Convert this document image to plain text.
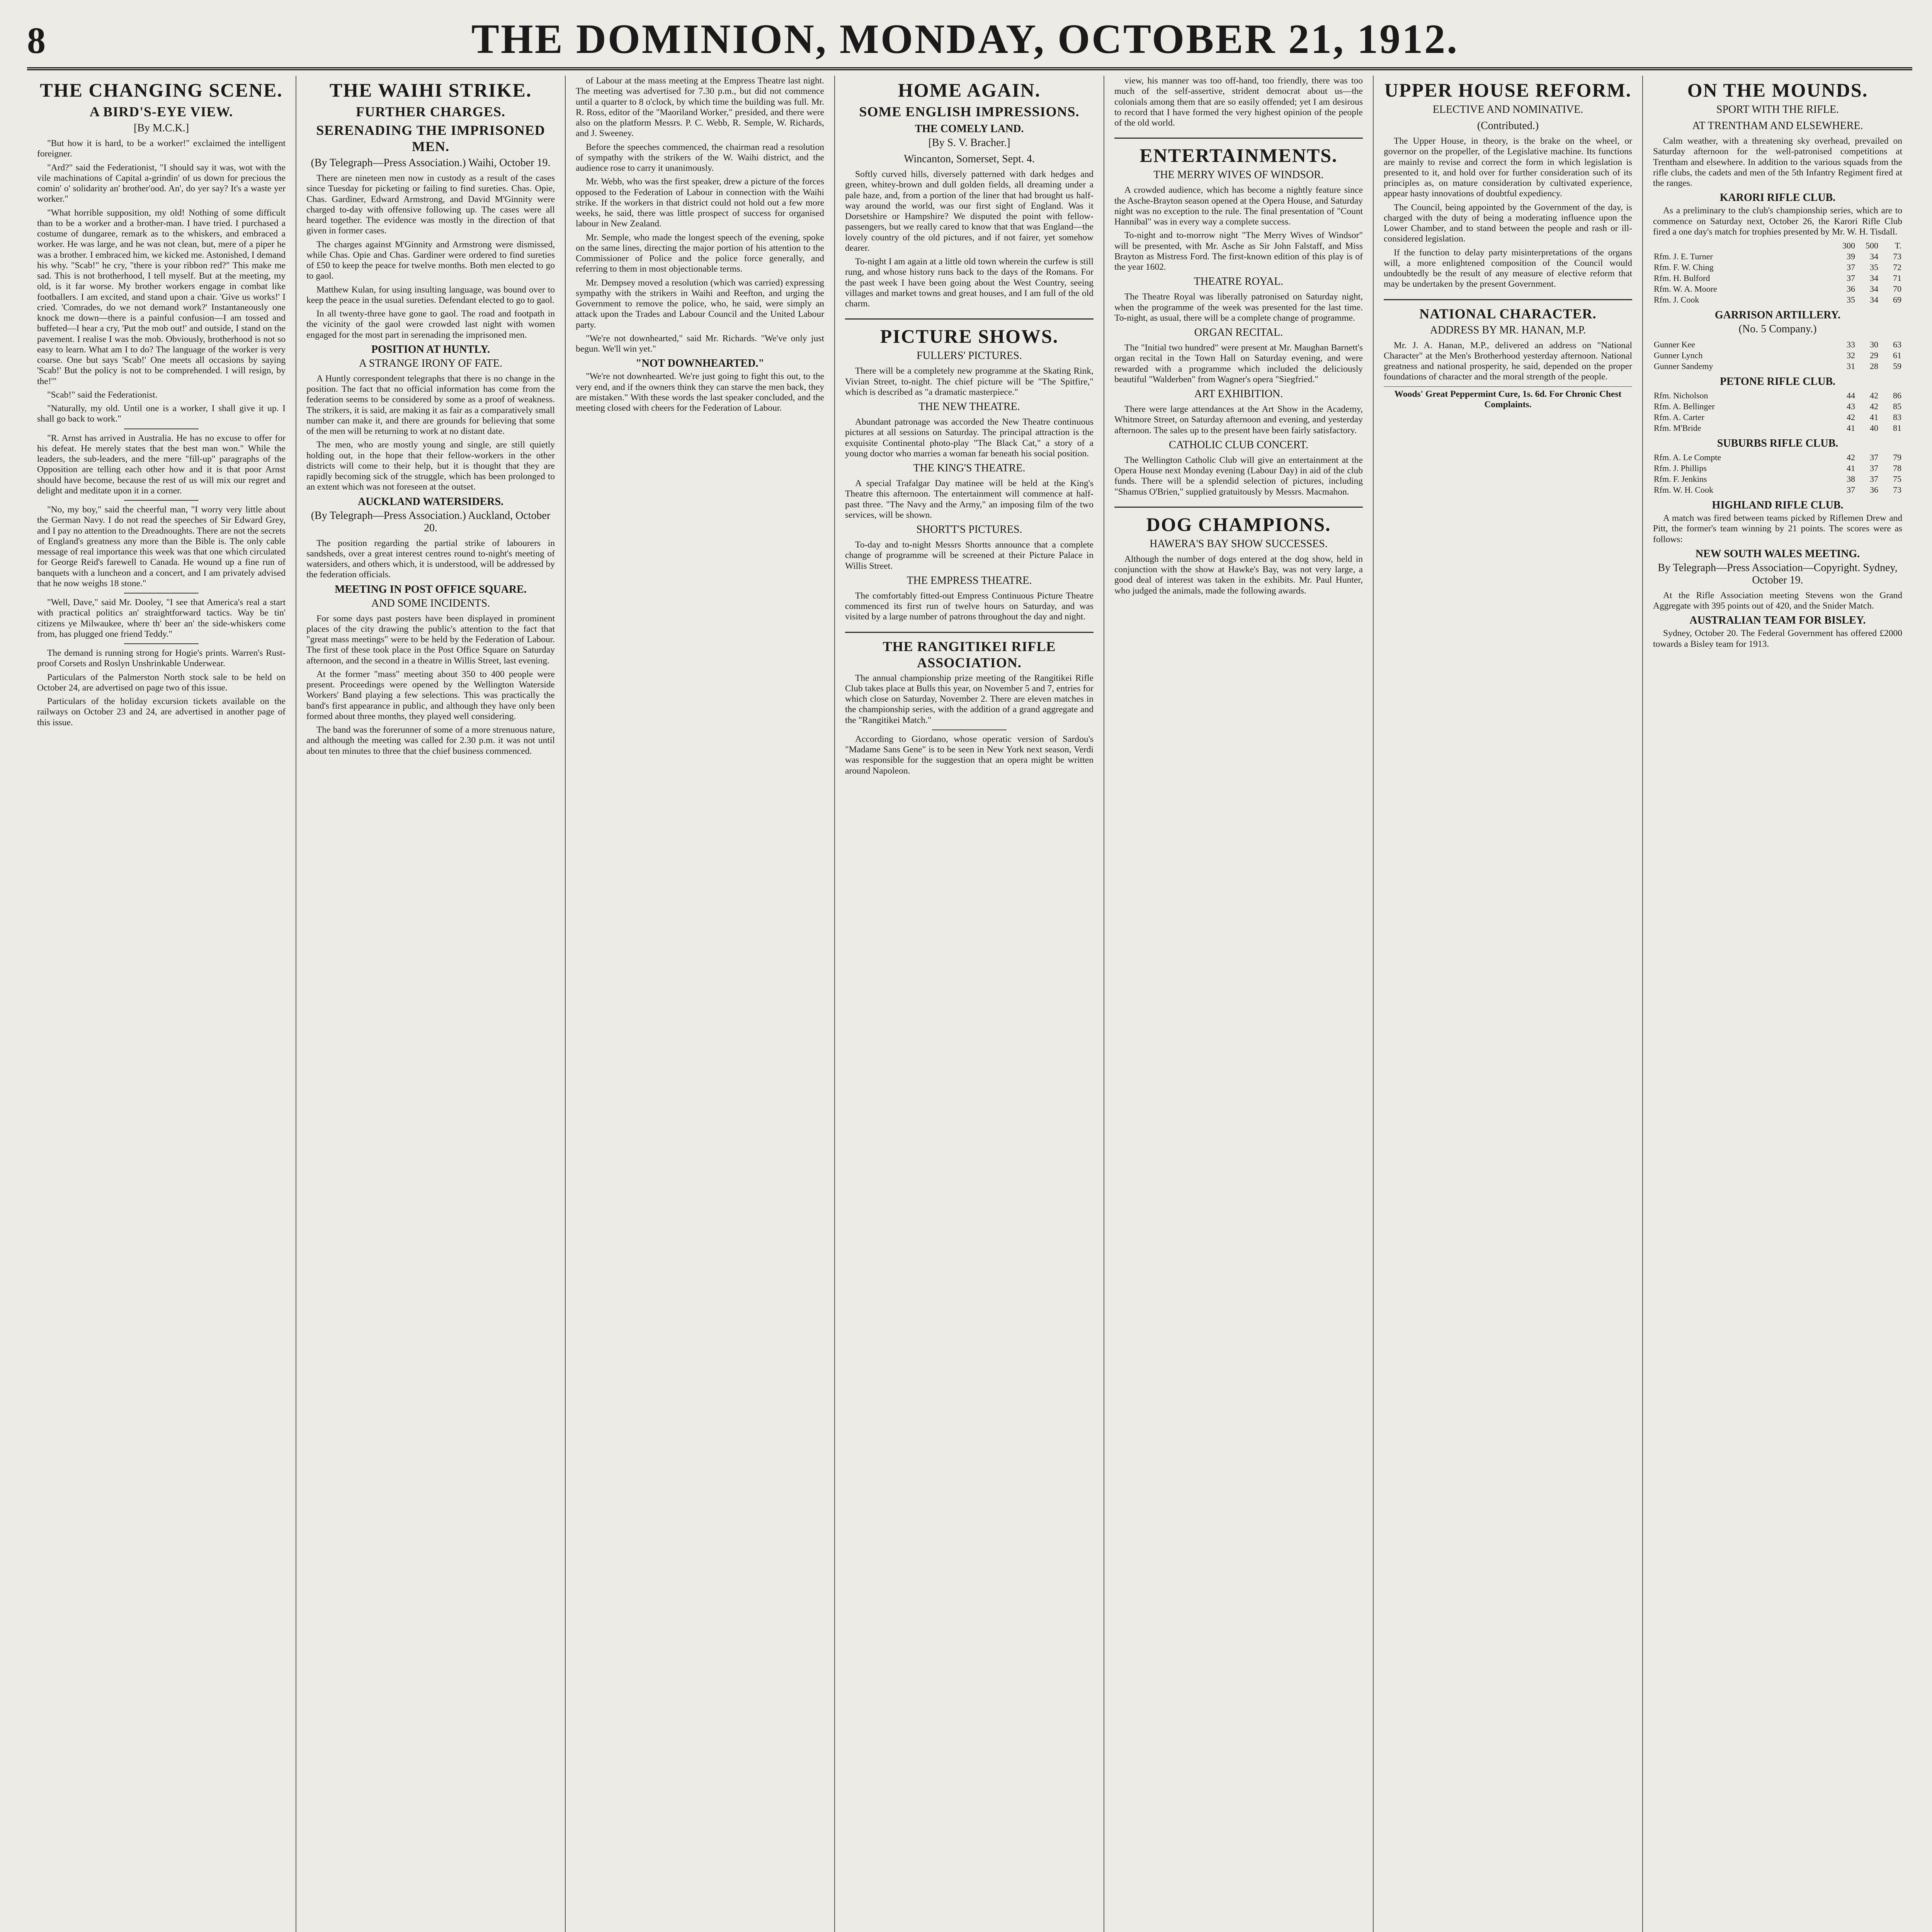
8	THE DOMINION, MONDAY, OCTOBER 21, 1912.
THE CHANGING SCENE.
A BIRD'S-EYE VIEW.
[By M.C.K.]

"But how it is hard, to be a worker!" exclaimed the intelligent foreigner.

"Ard?" said the Federationist, "I should say it was, wot with the vile machinations of Capital a-grindin' of us down for precious the comin' o' solidarity an' brother'ood. An', do yer say? It's a waste yer worker."

"What horrible supposition, my old! Nothing of some difficult than to be a worker and a brother-man. I have tried. I purchased a costume of dungaree, remark as to the whiskers, and embraced a worker. He was large, and he was not clean, but, mere of a piper he was a brother. I embraced him, we kicked me. Astonished, I demand his why. "Scab!" he cry, "there is your ribbon red?" This make me sad. This is not brotherhood, I tell myself. But at the meeting, my old, is it far worse. My brother workers engage in combat like footballers. I am excited, and stand upon a chair. 'Give us works!' I cried. 'Comrades, do we not demand work?' Instantaneously one knock me down—there is a painful confusion—I am tossed and buffeted—I hear a cry, 'Put the mob out!' and outside, I stand on the pavement. I realise I was the mob. Obviously, brotherhood is not so easy to learn. What am I to do? The language of the worker is very coarse. One but says 'Scab!' One meets all occasions by saying 'Scab!' But the policy is not to be comprehended. I will resign, by the!'"

"Scab!" said the Federationist.

"Naturally, my old. Until one is a worker, I shall give it up. I shall go back to work."

"R. Arnst has arrived in Australia. He has no excuse to offer for his defeat. He merely states that the best man won." While the leaders, the sub-leaders, and the mere "fill-up" paragraphs of the Opposition are telling each other how and it is that poor Arnst should have become, because the rest of us will mix our regret and delight and meditate upon it in a corner.

"No, my boy," said the cheerful man, "I worry very little about the German Navy. I do not read the speeches of Sir Edward Grey, and I pay no attention to the Dreadnoughts. There are not the secrets of England's greatness any more than the Bible is. The only cable message of real importance this week was that one which circulated for George Reid's farewell to Canada. He wound up a fine run of banquets with a luncheon and a concert, and I am privately advised that he now weighs 18 stone."

"Well, Dave," said Mr. Dooley, "I see that America's real a start with practical politics an' straightforward tactics. Way be tin' citizens ye Milwaukee, where th' beer an' the side-whiskers come from, has plugged one friend Teddy."

The demand is running strong for Hogie's prints. Warren's Rust-proof Corsets and Roslyn Unshrinkable Underwear.

Particulars of the Palmerston North stock sale to be held on October 24, are advertised on page two of this issue.

Particulars of the holiday excursion tickets available on the railways on October 23 and 24, are advertised in another page of this issue.

THE WAIHI STRIKE.
FURTHER CHARGES.
SERENADING THE IMPRISONED MEN.
(By Telegraph—Press Association.) Waihi, October 19.

There are nineteen men now in custody as a result of the cases since Tuesday for picketing or failing to find sureties. Chas. Opie, Chas. Gardiner, Edward Armstrong, and David M'Ginnity were charged to-day with offensive following up. The cases were all heard together. The evidence was mostly in the direction of that given in former cases.

The charges against M'Ginnity and Armstrong were dismissed, while Chas. Opie and Chas. Gardiner were ordered to find sureties of £50 to keep the peace for twelve months. Both men elected to go to gaol.

Matthew Kulan, for using insulting language, was bound over to keep the peace in the usual sureties. Defendant elected to go to gaol.

In all twenty-three have gone to gaol. The road and footpath in the vicinity of the gaol were crowded last night with women engaged for the most part in serenading the imprisoned men.

POSITION AT HUNTLY.
A STRANGE IRONY OF FATE.

A Huntly correspondent telegraphs that there is no change in the position. The fact that no official information has come from the federation seems to be considered by some as a proof of weakness. The strikers, it is said, are making it as fair as a comparatively small number can make it, and there are grounds for believing that some of the men will be returning to work at no distant date.

The men, who are mostly young and single, are still quietly holding out, in the hope that their fellow-workers in the other districts will come to their help, but it is thought that they are rapidly becoming sick of the struggle, which has been prolonged to an extent which was not foreseen at the outset.

AUCKLAND WATERSIDERS.
(By Telegraph—Press Association.) Auckland, October 20.

The position regarding the partial strike of labourers in sandsheds, over a great interest centres round to-night's meeting of watersiders, and others which, it is understood, will be addressed by the federation officials.

MEETING IN POST OFFICE SQUARE.
AND SOME INCIDENTS.

For some days past posters have been displayed in prominent places of the city drawing the public's attention to the fact that "great mass meetings" were to be held by the Federation of Labour. The first of these took place in the Post Office Square on Saturday afternoon, and the second in a theatre in Willis Street, last evening.

At the former "mass" meeting about 350 to 400 people were present. Proceedings were opened by the Wellington Waterside Workers' Band playing a few selections. This was practically the band's first appearance in public, and although they have only been formed about three months, they played well considering.

The band was the forerunner of some of a more strenuous nature, and although the meeting was called for 2.30 p.m. it was not until about ten minutes to three that the chief business commenced.

of Labour at the mass meeting at the Empress Theatre last night. The meeting was advertised for 7.30 p.m., but did not commence until a quarter to 8 o'clock, by which time the building was full. Mr. R. Ross, editor of the "Maoriland Worker," presided, and there were also on the platform Messrs. P. C. Webb, R. Semple, W. Richards, and J. Sweeney.

Before the speeches commenced, the chairman read a resolution of sympathy with the strikers of the W. Waihi district, and the audience rose to carry it unanimously.

Mr. Webb, who was the first speaker, drew a picture of the forces opposed to the Federation of Labour in connection with the Waihi strike. If the workers in that district could not hold out a few more weeks, he said, there was little prospect of success for organised labour in New Zealand.

Mr. Semple, who made the longest speech of the evening, spoke on the same lines, directing the major portion of his attention to the Commissioner of Police and the police force generally, and referring to them in most objectionable terms.

Mr. Dempsey moved a resolution (which was carried) expressing sympathy with the strikers in Waihi and Reefton, and urging the Government to remove the police, who, he said, were simply an attack upon the Trades and Labour Council and the United Labour party.

"We're not downhearted," said Mr. Richards. "We've only just begun. We'll win yet."

"NOT DOWNHEARTED."

"We're not downhearted. We're just going to fight this out, to the very end, and if the owners think they can starve the men back, they are mistaken." With these words the last speaker concluded, and the meeting closed with cheers for the Federation of Labour.

HOME AGAIN.
SOME ENGLISH IMPRESSIONS.
THE COMELY LAND.
[By S. V. Bracher.]
Wincanton, Somerset, Sept. 4.

Softly curved hills, diversely patterned with dark hedges and green, whitey-brown and dull golden fields, all dreaming under a pale haze, and, from a portion of the liner that had brought us half-way around the world, was our first sight of England. Was it Dorsetshire or Hampshire? We disputed the point with fellow-passengers, but we really cared to know that that was England—the lovely country of the old pictures, and if not fairer, yet somehow dearer.

To-night I am again at a little old town wherein the curfew is still rung, and whose history runs back to the days of the Romans. For the past week I have been going about the West Country, seeing villages and market towns and great houses, and I am full of the old charm.

PICTURE SHOWS.
FULLERS' PICTURES.

There will be a completely new programme at the Skating Rink, Vivian Street, to-night. The chief picture will be "The Spitfire," which is described as "a dramatic masterpiece."

THE NEW THEATRE.

Abundant patronage was accorded the New Theatre continuous pictures at all sessions on Saturday. The principal attraction is the exquisite Continental photo-play "The Black Cat," a story of a young doctor who marries a woman far beneath his social position.

THE KING'S THEATRE.

A special Trafalgar Day matinee will be held at the King's Theatre this afternoon. The entertainment will commence at half-past three. "The Navy and the Army," an imposing film of the two services, will be shown.

SHORTT'S PICTURES.

To-day and to-night Messrs Shortts announce that a complete change of programme will be screened at their Picture Palace in Willis Street.

THE EMPRESS THEATRE.

The comfortably fitted-out Empress Continuous Picture Theatre commenced its first run of twelve hours on Saturday, and was visited by a large number of patrons throughout the day and night.

THE RANGITIKEI RIFLE ASSOCIATION.

The annual championship prize meeting of the Rangitikei Rifle Club takes place at Bulls this year, on November 5 and 7, entries for which close on Saturday, November 2. There are eleven matches in the championship series, with the addition of a grand aggregate and the "Rangitikei Match."

According to Giordano, whose operatic version of Sardou's "Madame Sans Gene" is to be seen in New York next season, Verdi was responsible for the suggestion that an opera might be written around Napoleon.

view, his manner was too off-hand, too friendly, there was too much of the self-assertive, strident democrat about us—the colonials among them that are so easily offended; yet I am desirous to record that I have formed the very highest opinion of the people of the old world.

ENTERTAINMENTS.
THE MERRY WIVES OF WINDSOR.

A crowded audience, which has become a nightly feature since the Asche-Brayton season opened at the Opera House, and Saturday night was no exception to the rule. The final presentation of "Count Hannibal" was in every way a complete success.

To-night and to-morrow night "The Merry Wives of Windsor" will be presented, with Mr. Asche as Sir John Falstaff, and Miss Brayton as Mistress Ford. The first-known edition of this play is of the year 1602.

THEATRE ROYAL.

The Theatre Royal was liberally patronised on Saturday night, when the programme of the week was presented for the last time. To-night, as usual, there will be a complete change of programme.

ORGAN RECITAL.

The "Initial two hundred" were present at Mr. Maughan Barnett's organ recital in the Town Hall on Saturday evening, and were rewarded with a programme which included the deliciously beautiful "Walderben" from Wagner's opera "Siegfried."

ART EXHIBITION.

There were large attendances at the Art Show in the Academy, Whitmore Street, on Saturday afternoon and evening, and yesterday afternoon. The sales up to the present have been fairly satisfactory.

CATHOLIC CLUB CONCERT.

The Wellington Catholic Club will give an entertainment at the Opera House next Monday evening (Labour Day) in aid of the club funds. There will be a splendid selection of pictures, including "Shamus O'Brien," supplied gratuitously by Messrs. Macmahon.

DOG CHAMPIONS.
HAWERA'S BAY SHOW SUCCESSES.

Although the number of dogs entered at the dog show, held in conjunction with the show at Hawke's Bay, was not very large, a good deal of interest was taken in the exhibits. Mr. Paul Hunter, who judged the animals, made the following awards.

UPPER HOUSE REFORM.
ELECTIVE AND NOMINATIVE.
(Contributed.)

The Upper House, in theory, is the brake on the wheel, or governor on the propeller, of the Legislative machine. Its functions are mainly to revise and correct the form in which legislation is presented to it, and hold over for further consideration such of its principles as, on mature consideration by cultivated experience, appear hasty innovations of doubtful expediency.

The Council, being appointed by the Government of the day, is charged with the duty of being a moderating influence upon the Lower Chamber, and to stand between the people and rash or ill-considered legislation.

If the function to delay party misinterpretations of the organs will, a more enlightened composition of the Council would undoubtedly be the result of any measure of elective reform that may be undertaken by the present Government.

NATIONAL CHARACTER.
ADDRESS BY MR. HANAN, M.P.

Mr. J. A. Hanan, M.P., delivered an address on "National Character" at the Men's Brotherhood yesterday afternoon. National greatness and national prosperity, he said, depended on the proper foundations of character and the moral strength of the people.

Woods' Great Peppermint Cure, 1s. 6d. For Chronic Chest Complaints.
ON THE MOUNDS.
SPORT WITH THE RIFLE.
AT TRENTHAM AND ELSEWHERE.

Calm weather, with a threatening sky overhead, prevailed on Saturday afternoon for the well-patronised competitions at Trentham and elsewhere. In addition to the various squads from the rifle clubs, the cadets and men of the 5th Infantry Regiment fired at the ranges.

KARORI RIFLE CLUB.

As a preliminary to the club's championship series, which are to commence on Saturday next, October 26, the Karori Rifle Club fired a one day's match for trophies presented by Mr. W. H. Tisdall.

	300	500	T.
Rfm. J. E. Turner	39	34	73
Rfm. F. W. Ching	37	35	72
Rfm. H. Bulford	37	34	71
Rfm. W. A. Moore	36	34	70
Rfm. J. Cook	35	34	69
GARRISON ARTILLERY.
(No. 5 Company.)
Gunner Kee	33	30	63
Gunner Lynch	32	29	61
Gunner Sandemy	31	28	59
PETONE RIFLE CLUB.
Rfm. Nicholson	44	42	86
Rfm. A. Bellinger	43	42	85
Rfm. A. Carter	42	41	83
Rfm. M'Bride	41	40	81
SUBURBS RIFLE CLUB.
Rfm. A. Le Compte	42	37	79
Rfm. J. Phillips	41	37	78
Rfm. F. Jenkins	38	37	75
Rfm. W. H. Cook	37	36	73
HIGHLAND RIFLE CLUB.

A match was fired between teams picked by Riflemen Drew and Pitt, the former's team winning by 21 points. The scores were as follows:

NEW SOUTH WALES MEETING.
By Telegraph—Press Association—Copyright. Sydney, October 19.

At the Rifle Association meeting Stevens won the Grand Aggregate with 395 points out of 420, and the Snider Match.

AUSTRALIAN TEAM FOR BISLEY.

Sydney, October 20. The Federal Government has offered £2000 towards a Bisley team for 1913.
